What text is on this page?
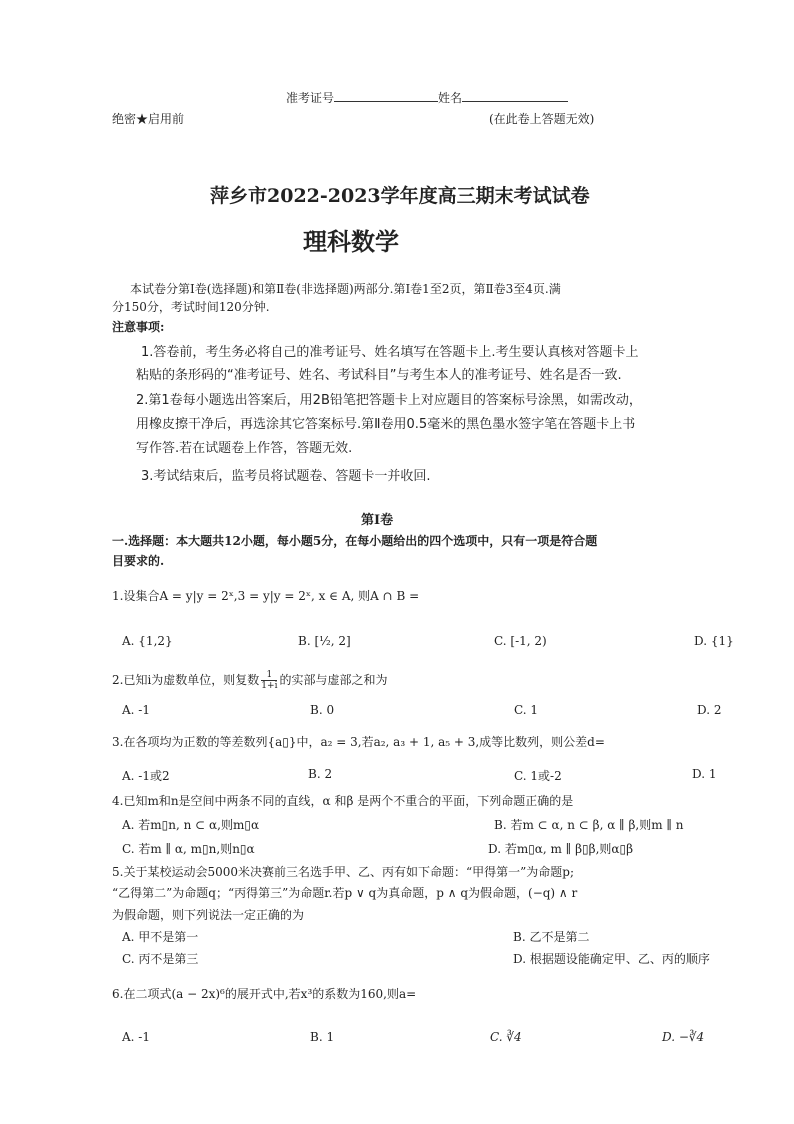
准考证号	姓名
绝密★启用前	(在此卷上答题无效)
萍乡市2022-2023学年度高三期末考试试卷
理科数学
本试卷分第Ⅰ卷(选择题)和第Ⅱ卷(非选择题)两部分.第Ⅰ卷1至2页，第Ⅱ卷3至4页.满
分150分，考试时间120分钟.
注意事项:
1.答卷前，考生务必将自己的准考证号、姓名填写在答题卡上.考生要认真核对答题卡上
粘贴的条形码的“准考证号、姓名、考试科目”与考生本人的准考证号、姓名是否一致.
2.第1卷每小题选出答案后，用2B铅笔把答题卡上对应题目的答案标号涂黑，如需改动，
用橡皮擦干净后，再选涂其它答案标号.第Ⅱ卷用0.5毫米的黑色墨水签字笔在答题卡上书
写作答.若在试题卷上作答，答题无效.
3.考试结束后，监考员将试题卷、答题卡一并收回.
第Ⅰ卷
一.选择题：本大题共12小题，每小题5分，在每小题给出的四个选项中，只有一项是符合题
目要求的.
1.设集合A = y|y = 2ˣ,3 = y|y = 2ˣ, x ∈ A, 则A ∩ B =
A. {1,2}	B. [½, 2]	C. [-1, 2)	D. {1}
2.已知i为虚数单位，则复数 $\frac{1}{1+i}$ 的实部与虚部之和为
A. -1	B. 0	C. 1	D. 2
3.在各项均为正数的等差数列{a▯}中，a₂ = 3,若a₂, a₃ + 1, a₅ + 3,成等比数列，则公差d=
A. -1或2	B. 2	C. 1或-2	D. 1
4.已知m和n是空间中两条不同的直线，α 和β 是两个不重合的平面，下列命题正确的是
A. 若m▯n, n ⊂ α,则m▯α	B. 若m ⊂ α, n ⊂ β, α ∥ β,则m ∥ n
C. 若m ∥ α, m▯n,则n▯α	D. 若m▯α, m ∥ β▯β,则α▯β
5.关于某校运动会5000米决赛前三名选手甲、乙、丙有如下命题：“甲得第一”为命题p;
“乙得第二”为命题q；“丙得第三”为命题r.若p ∨ q为真命题，p ∧ q为假命题，(−q) ∧ r
为假命题，则下列说法一定正确的为
A. 甲不是第一	B. 乙不是第二
C. 丙不是第三	D. 根据题设能确定甲、乙、丙的顺序
6.在二项式(a − 2x)⁶的展开式中,若x³的系数为160,则a=
A. -1	B. 1	C. ∛4	D. −∛4
